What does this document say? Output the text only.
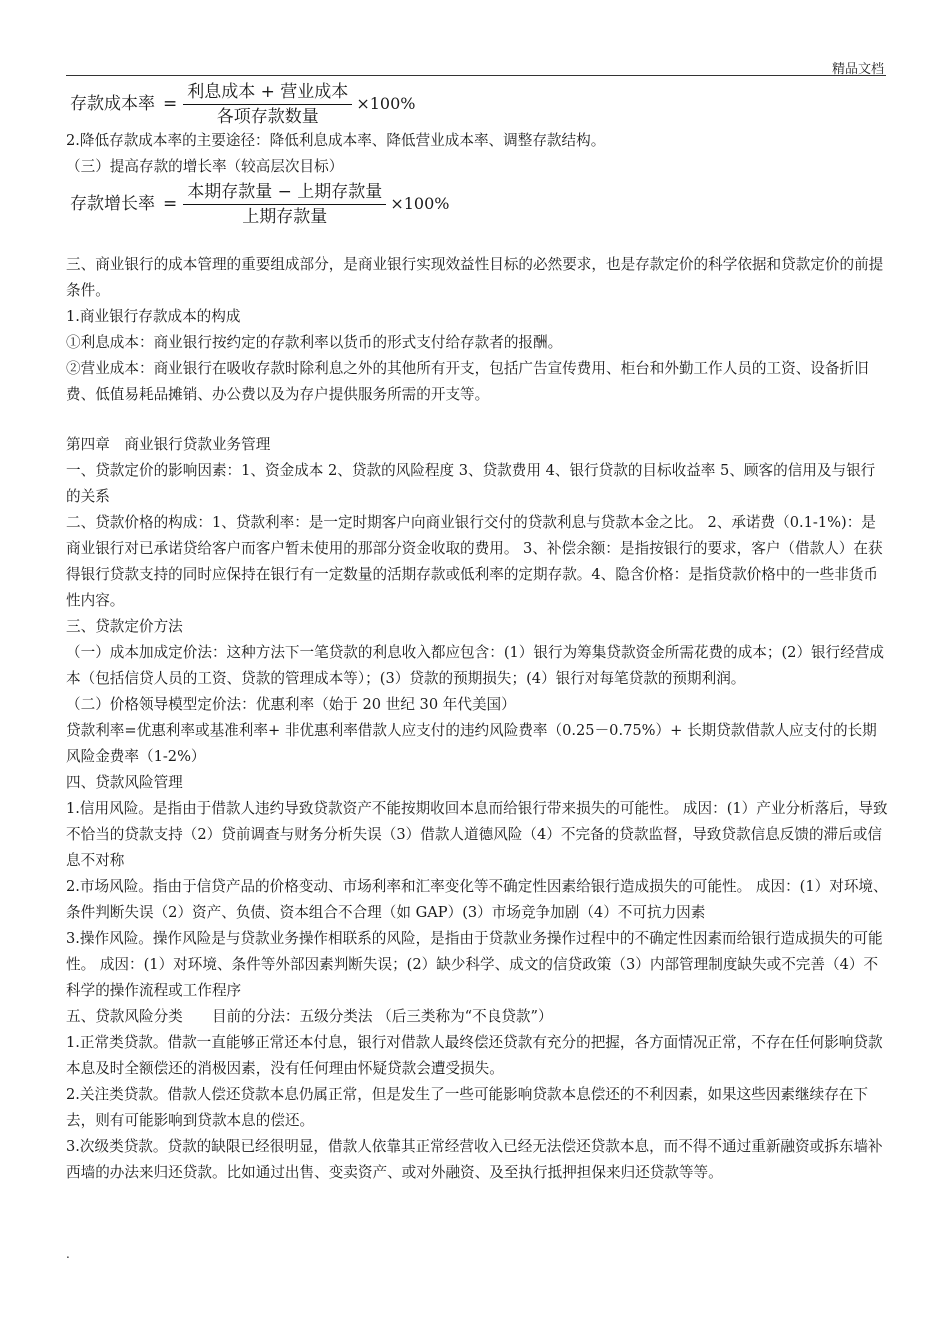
精品文档
存款成本率 = $\frac{\text{利息成本 + 营业成本}}{\text{各项存款数量}} \times 100\%$

2.降低存款成本率的主要途径：降低利息成本率、降低营业成本率、调整存款结构。

（三）提高存款的增长率（较高层次目标）

存款增长率 = $\frac{\text{本期存款量 − 上期存款量}}{\text{上期存款量}} \times 100\%$

三、商业银行的成本管理的重要组成部分，是商业银行实现效益性目标的必然要求，也是存款定价的科学依据和贷款定价的前提条件。

1.商业银行存款成本的构成

①利息成本：商业银行按约定的存款利率以货币的形式支付给存款者的报酬。

②营业成本：商业银行在吸收存款时除利息之外的其他所有开支，包括广告宣传费用、柜台和外勤工作人员的工资、设备折旧费、低值易耗品摊销、办公费以及为存户提供服务所需的开支等。

第四章　商业银行贷款业务管理

一、贷款定价的影响因素：1、资金成本 2、贷款的风险程度 3、贷款费用 4、银行贷款的目标收益率 5、顾客的信用及与银行的关系

二、贷款价格的构成：1、贷款利率：是一定时期客户向商业银行交付的贷款利息与贷款本金之比。 2、承诺费（0.1-1%)：是商业银行对已承诺贷给客户而客户暂未使用的那部分资金收取的费用。 3、补偿余额：是指按银行的要求，客户（借款人）在获得银行贷款支持的同时应保持在银行有一定数量的活期存款或低利率的定期存款。4、隐含价格：是指贷款价格中的一些非货币性内容。

三、贷款定价方法

（一）成本加成定价法：这种方法下一笔贷款的利息收入都应包含：(1）银行为筹集贷款资金所需花费的成本；(2）银行经营成本（包括信贷人员的工资、贷款的管理成本等）；(3）贷款的预期损失；(4）银行对每笔贷款的预期利润。

（二）价格领导模型定价法：优惠利率（始于 20 世纪 30 年代美国）

贷款利率=优惠利率或基准利率+ 非优惠利率借款人应支付的违约风险费率（0.25－0.75%）+ 长期贷款借款人应支付的长期风险金费率（1-2%）

四、贷款风险管理

1.信用风险。是指由于借款人违约导致贷款资产不能按期收回本息而给银行带来损失的可能性。 成因：(1）产业分析落后，导致不恰当的贷款支持（2）贷前调查与财务分析失误（3）借款人道德风险（4）不完备的贷款监督，导致贷款信息反馈的滞后或信息不对称

2.市场风险。指由于信贷产品的价格变动、市场利率和汇率变化等不确定性因素给银行造成损失的可能性。 成因：(1）对环境、条件判断失误（2）资产、负债、资本组合不合理（如 GAP）(3）市场竞争加剧（4）不可抗力因素

3.操作风险。操作风险是与贷款业务操作相联系的风险，是指由于贷款业务操作过程中的不确定性因素而给银行造成损失的可能性。 成因：(1）对环境、条件等外部因素判断失误；(2）缺少科学、成文的信贷政策（3）内部管理制度缺失或不完善（4）不科学的操作流程或工作程序

五、贷款风险分类　　目前的分法：五级分类法 （后三类称为“不良贷款”）

1.正常类贷款。借款一直能够正常还本付息，银行对借款人最终偿还贷款有充分的把握，各方面情况正常，不存在任何影响贷款本息及时全额偿还的消极因素，没有任何理由怀疑贷款会遭受损失。

2.关注类贷款。借款人偿还贷款本息仍属正常，但是发生了一些可能影响贷款本息偿还的不利因素，如果这些因素继续存在下去，则有可能影响到贷款本息的偿还。

3.次级类贷款。贷款的缺限已经很明显，借款人依靠其正常经营收入已经无法偿还贷款本息，而不得不通过重新融资或拆东墙补西墙的办法来归还贷款。比如通过出售、变卖资产、或对外融资、及至执行抵押担保来归还贷款等等。

.
